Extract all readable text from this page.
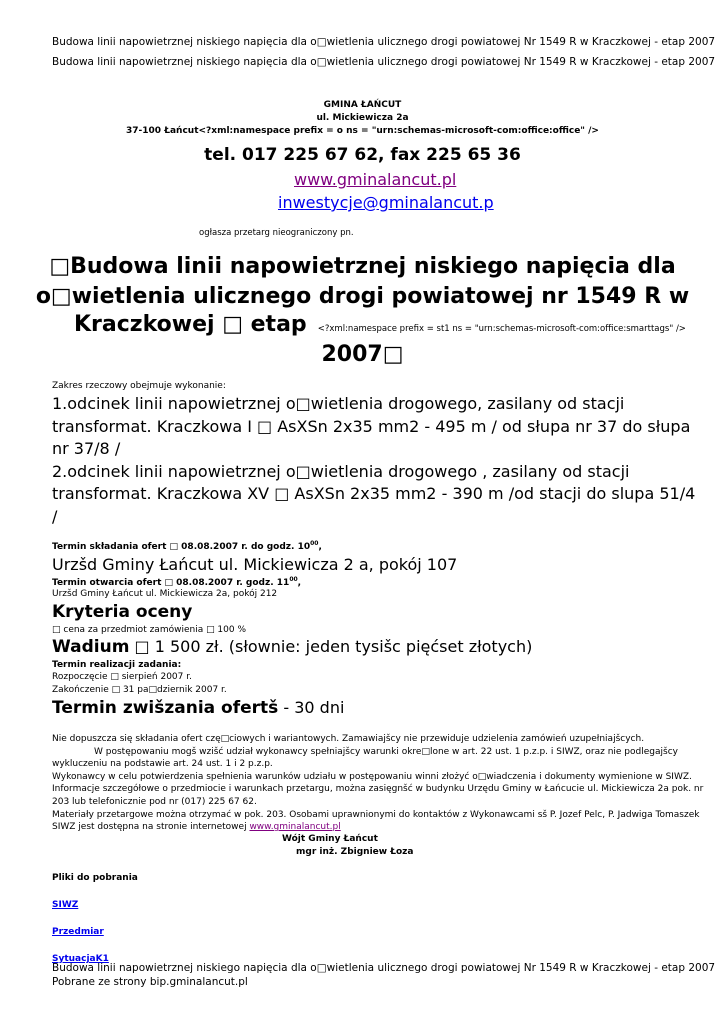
Budowa linii napowietrznej niskiego napięcia dla o□wietlenia ulicznego drogi powiatowej Nr 1549 R w Kraczkowej - etap 2007
Budowa linii napowietrznej niskiego napięcia dla o□wietlenia ulicznego drogi powiatowej Nr 1549 R w Kraczkowej - etap 2007
GMINA ŁAŃCUT
ul. Mickiewicza 2a
37-100 Łańcut<?xml:namespace prefix = o ns = "urn:schemas-microsoft-com:office:office" />
tel. 017 225 67 62, fax 225 65 36
www.gminalancut.pl
inwestycje@gminalancut.p
ogłasza przetarg nieograniczony pn.
□Budowa linii napowietrznej niskiego napięcia dla
o□wietlenia ulicznego drogi powiatowej nr 1549 R w
Kraczkowej □ etap <?xml:namespace prefix = st1 ns = "urn:schemas-microsoft-com:office:smarttags" />
2007□
Zakres rzeczowy obejmuje wykonanie:
1.odcinek linii napowietrznej o□wietlenia drogowego, zasilany od stacji
transformat. Kraczkowa I □ AsXSn 2x35 mm2 - 495 m / od słupa nr 37 do słupa
nr 37/8 /
2.odcinek linii napowietrznej o□wietlenia drogowego , zasilany od stacji
transformat. Kraczkowa XV □ AsXSn 2x35 mm2 - 390 m /od stacji do slupa 51/4
/
Termin składania ofert □ 08.08.2007 r. do godz. $10^{00}$,
Urzšd Gminy Łańcut ul. Mickiewicza 2 a, pokój 107
Termin otwarcia ofert □ 08.08.2007 r. godz. $11^{00}$,
Urzšd Gminy Łańcut ul. Mickiewicza 2a, pokój 212
Kryteria oceny
□ cena za przedmiot zamówienia □ 100 %
Wadium □ 1 500 zł. (słownie: jeden tysišc pięćset złotych)
Termin realizacji zadania:
Rozpoczęcie □ sierpień 2007 r.
Zakończenie □ 31 pa□dziernik 2007 r.
Termin zwišzania ofertš - 30 dni
Nie dopuszcza się składania ofert czę□ciowych i wariantowych. Zamawiajšcy nie przewiduje udzielenia zamówień uzupełniajšcych.
W postępowaniu mogš wzišć udział wykonawcy spełniajšcy warunki okre□lone w art. 22 ust. 1 p.z.p. i SIWZ, oraz nie podlegajšcy
wykluczeniu na podstawie art. 24 ust. 1 i 2 p.z.p.
Wykonawcy w celu potwierdzenia spełnienia warunków udziału w postępowaniu winni złożyć o□wiadczenia i dokumenty wymienione w SIWZ.
Informacje szczegółowe o przedmiocie i warunkach przetargu, można zasięgnšć w budynku Urzędu Gminy w Łańcucie ul. Mickiewicza 2a pok. nr
203 lub telefonicznie pod nr (017) 225 67 62.
Materiały przetargowe można otrzymać w pok. 203. Osobami uprawnionymi do kontaktów z Wykonawcami sš P. Jozef Pelc, P. Jadwiga Tomaszek
SIWZ jest dostępna na stronie internetowej www.gminalancut.pl
Wójt Gminy Łańcut
mgr inż. Zbigniew Łoza
Pliki do pobrania
SIWZ
Przedmiar
SytuacjaK1
Budowa linii napowietrznej niskiego napięcia dla o□wietlenia ulicznego drogi powiatowej Nr 1549 R w Kraczkowej - etap 2007
Pobrane ze strony bip.gminalancut.pl
